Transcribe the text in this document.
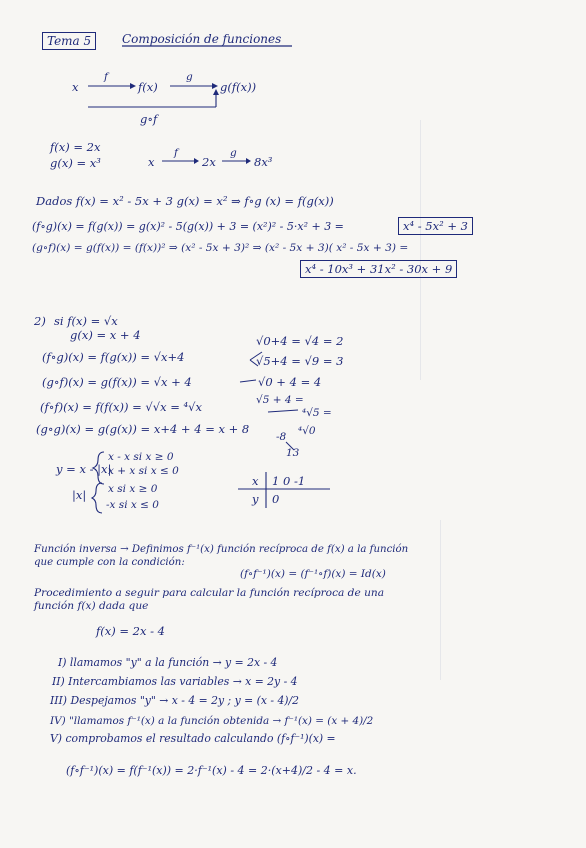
Tema 5	Composición de funciones
x
f
f(x)
g
g(f(x))
g∘f
f(x) = 2x
g(x) = x³	x
f
2x
g
8x³
Dados f(x) = x² - 5x + 3 g(x) = x² ⇒ f∘g (x) = f(g(x))
(f∘g)(x) = f(g(x)) = g(x)² - 5(g(x)) + 3 = (x²)² - 5·x² + 3 =	x⁴ - 5x² + 3
(g∘f)(x) = g(f(x)) = (f(x))² ⇒ (x² - 5x + 3)² ⇒ (x² - 5x + 3)( x² - 5x + 3) =
x⁴ - 10x³ + 31x² - 30x + 9
2) si f(x) = √x
g(x) = x + 4
(f∘g)(x) = f(g(x)) = √x+4
(g∘f)(x) = g(f(x)) = √x + 4
(f∘f)(x) = f(f(x)) = √√x = ⁴√x
(g∘g)(x) = g(g(x)) = x+4 + 4 = x + 8
√0+4 = √4 = 2
√5+4 = √9 = 3
√0 + 4 = 4
√5 + 4 =
⁴√5 =
⁴√0
-8
13
y = x - |x|
x - x si x ≥ 0
x + x si x ≤ 0
|x| x si x ≥ 0
-x si x ≤ 0
x 1 0 -1
y 0
Función inversa → Definimos f⁻¹(x) función recíproca de f(x) a la función
que cumple con la condición:
(f∘f⁻¹)(x) = (f⁻¹∘f)(x) = Id(x)
Procedimiento a seguir para calcular la función recíproca de una
función f(x) dada que
f(x) = 2x - 4
I) llamamos "y" a la función → y = 2x - 4
II) Intercambiamos las variables → x = 2y - 4
III) Despejamos "y" → x - 4 = 2y ; y = (x - 4)/2
IV) "llamamos f⁻¹(x) a la función obtenida → f⁻¹(x) = (x + 4)/2
V) comprobamos el resultado calculando (f∘f⁻¹)(x) =
(f∘f⁻¹)(x) = f(f⁻¹(x)) = 2·f⁻¹(x) - 4 = 2·(x+4)/2 - 4 = x.
